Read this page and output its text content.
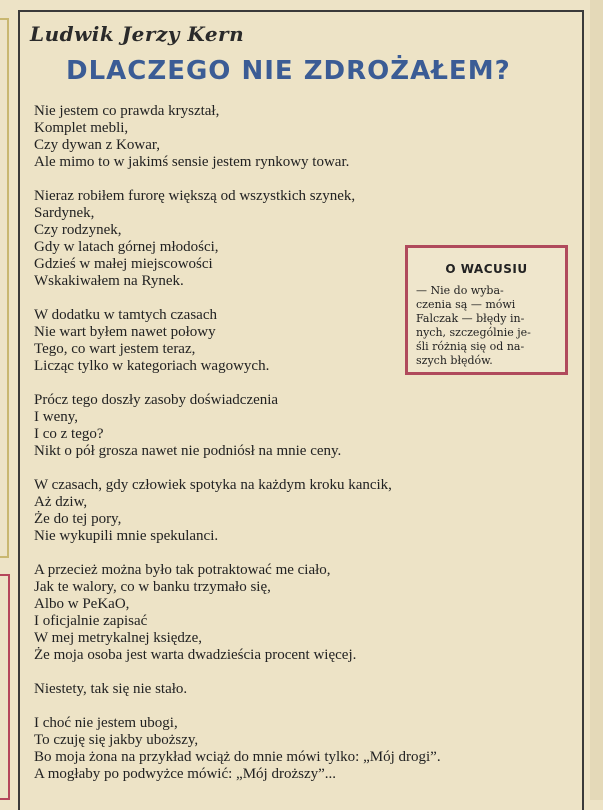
Ludwik Jerzy Kern
DLACZEGO NIE ZDROŻAŁEM?
Nie jestem co prawda kryształ,
Komplet mebli,
Czy dywan z Kowar,
Ale mimo to w jakimś sensie jestem rynkowy towar.
Nieraz robiłem furorę większą od wszystkich szynek,
Sardynek,
Czy rodzynek,
Gdy w latach górnej młodości,
Gdzieś w małej miejscowości
Wskakiwałem na Rynek.
W dodatku w tamtych czasach
Nie wart byłem nawet połowy
Tego, co wart jestem teraz,
Licząc tylko w kategoriach wagowych.
Prócz tego doszły zasoby doświadczenia
I weny,
I co z tego?
Nikt o pół grosza nawet nie podniósł na mnie ceny.
W czasach, gdy człowiek spotyka na każdym kroku kancik,
Aż dziw,
Że do tej pory,
Nie wykupili mnie spekulanci.
A przecież można było tak potraktować me ciało,
Jak te walory, co w banku trzymało się,
Albo w PeKaO,
I oficjalnie zapisać
W mej metrykalnej księdze,
Że moja osoba jest warta dwadzieścia procent więcej.
Niestety, tak się nie stało.
I choć nie jestem ubogi,
To czuję się jakby uboższy,
Bo moja żona na przykład wciąż do mnie mówi tylko: „Mój drogi”.
A mogłaby po podwyżce mówić: „Mój droższy”...
O WACUSIU
— Nie do wyba-
czenia są — mówi
Falczak — błędy in-
nych, szczególnie je-
śli różnią się od na-
szych błędów.
